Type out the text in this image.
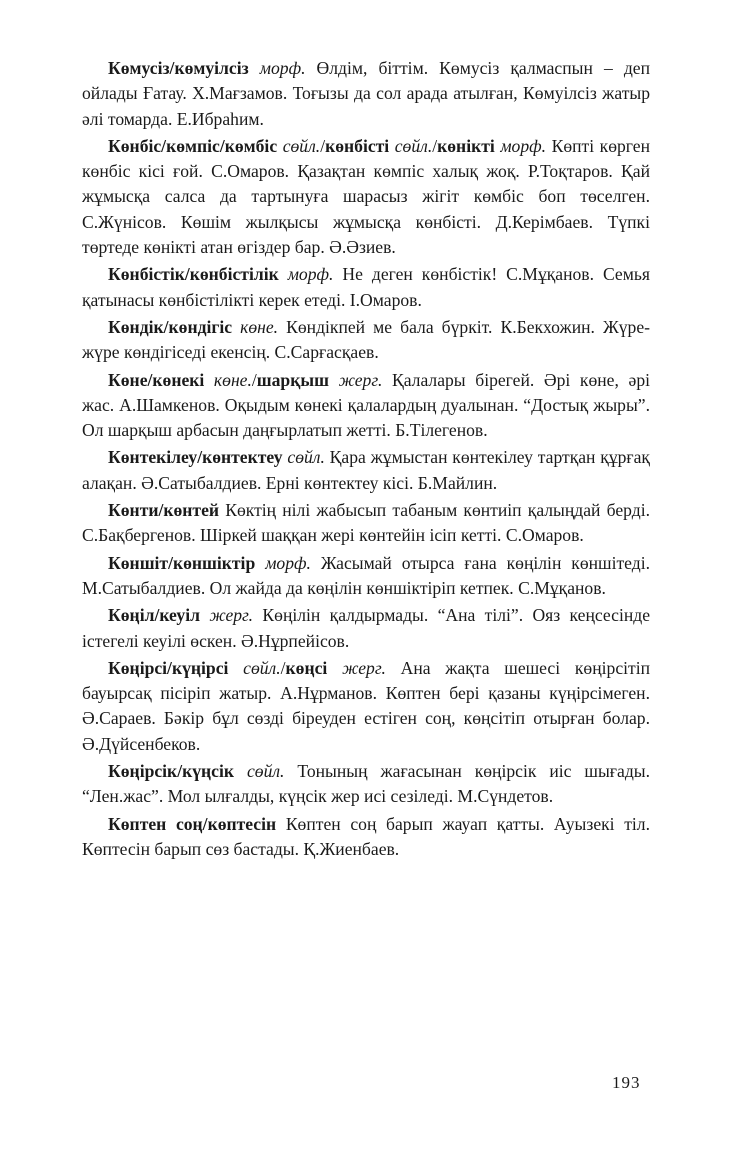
Көмусіз/көмуілсіз морф. Өлдім, біттім. Көмусіз қалмаспын – деп ойлады Ғатау. Х.Мағзамов. Тоғызы да сол арада атылған, Көмуілсіз жатыр әлі томарда. Е.Ибраһим.

Көнбіс/көмпіс/көмбіс сөйл./көнбісті сөйл./көнікті морф. Көпті көрген көнбіс кісі ғой. С.Омаров. Қазақтан көмпіс халық жоқ. Р.Тоқтаров. Қай жұмысқа салса да тартынуға шарасыз жігіт көмбіс боп төселген. С.Жүнісов. Көшім жылқысы жұмысқа көнбісті. Д.Керімбаев. Түпкі төртеде көнікті атан өгіздер бар. Ә.Әзиев.

Көнбістік/көнбістілік морф. Не деген көнбістік! С.Мұқанов. Семья қатынасы көнбістілікті керек етеді. І.Омаров.

Көндік/көндігіс көне. Көндікпей ме бала бүркіт. К.Бекхожин. Жүре-жүре көндігіседі екенсің. С.Сарғасқаев.

Көне/көнекі көне./шарқыш жерг. Қалалары бірегей. Әрі көне, әрі жас. А.Шамкенов. Оқыдым көнекі қалалардың дуалынан. “Достық жыры”. Ол шарқыш арбасын даңғырлатып жетті. Б.Тілегенов.

Көнтекілеу/көнтектеу сөйл. Қара жұмыстан көнтекілеу тартқан құрғақ алақан. Ә.Сатыбалдиев. Ерні көнтектеу кісі. Б.Майлин.

Көнти/көнтей Көктің нілі жабысып табаным көнтиіп қалыңдай берді. С.Бақбергенов. Шіркей шаққан жері көнтейін ісіп кетті. С.Омаров.

Көншіт/көншіктір морф. Жасымай отырса ғана көңілін көншітеді. М.Сатыбалдиев. Ол жайда да көңілін көншіктіріп кетпек. С.Мұқанов.

Көңіл/кеуіл жерг. Көңілін қалдырмады. “Ана тілі”. Ояз кеңсесінде істегелі кеуілі өскен. Ә.Нұрпейісов.

Көңірсі/күңірсі сөйл./көңсі жерг. Ана жақта шешесі көңірсітіп бауырсақ пісіріп жатыр. А.Нұрманов. Көптен бері қазаны күңірсімеген. Ә.Сараев. Бәкір бұл сөзді біреуден естіген соң, көңсітіп отырған болар. Ә.Дүйсенбеков.

Көңірсік/күңсік сөйл. Тонының жағасынан көңірсік иіс шығады. “Лен.жас”. Мол ылғалды, күңсік жер исі сезіледі. М.Сүндетов.

Көптен соң/көптесін Көптен соң барып жауап қатты. Ауызекі тіл. Көптесін барып сөз бастады. Қ.Жиенбаев.

193
